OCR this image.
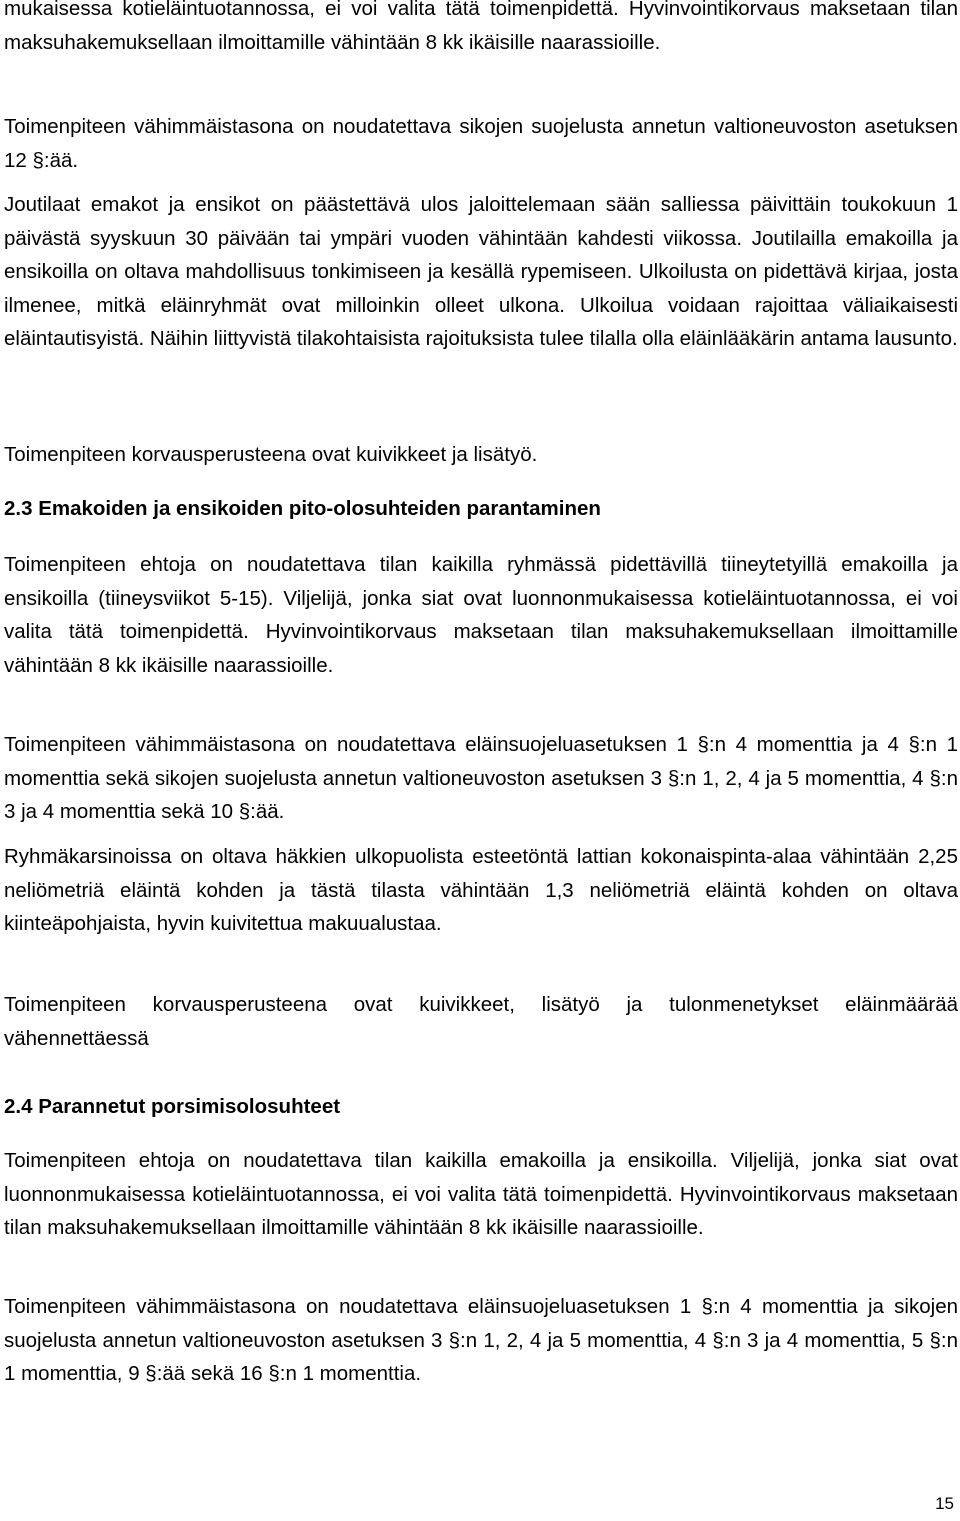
mukaisessa kotieläintuotannossa, ei voi valita tätä toimenpidettä. Hyvinvointikorvaus maksetaan tilan maksuhakemuksellaan ilmoittamille vähintään 8 kk ikäisille naarassioille.

Toimenpiteen vähimmäistasona on noudatettava sikojen suojelusta annetun valtioneuvoston asetuksen 12 §:ää.

Joutilaat emakot ja ensikot on päästettävä ulos jaloittelemaan sään salliessa päivittäin toukokuun 1 päivästä syyskuun 30 päivään tai ympäri vuoden vähintään kahdesti viikossa. Joutilailla emakoilla ja ensikoilla on oltava mahdollisuus tonkimiseen ja kesällä rypemiseen. Ulkoilusta on pidettävä kirjaa, josta ilmenee, mitkä eläinryhmät ovat milloinkin olleet ulkona. Ulkoilua voidaan rajoittaa väliaikaisesti eläintautisyistä. Näihin liittyvistä tilakohtaisista rajoituksista tulee tilalla olla eläinlääkärin antama lausunto.

Toimenpiteen korvausperusteena ovat kuivikkeet ja lisätyö.

2.3 Emakoiden ja ensikoiden pito-olosuhteiden parantaminen

Toimenpiteen ehtoja on noudatettava tilan kaikilla ryhmässä pidettävillä tiineytetyillä emakoilla ja ensikoilla (tiineysviikot 5-15). Viljelijä, jonka siat ovat luonnonmukaisessa kotieläintuotannossa, ei voi valita tätä toimenpidettä. Hyvinvointikorvaus maksetaan tilan maksuhakemuksellaan ilmoittamille vähintään 8 kk ikäisille naarassioille.

Toimenpiteen vähimmäistasona on noudatettava eläinsuojeluasetuksen 1 §:n 4 momenttia ja 4 §:n 1 momenttia sekä sikojen suojelusta annetun valtioneuvoston asetuksen 3 §:n 1, 2, 4 ja 5 momenttia, 4 §:n 3 ja 4 momenttia sekä 10 §:ää.

Ryhmäkarsinoissa on oltava häkkien ulkopuolista esteetöntä lattian kokonaispinta-alaa vähintään 2,25 neliömetriä eläintä kohden ja tästä tilasta vähintään 1,3 neliömetriä eläintä kohden on oltava kiinteäpohjaista, hyvin kuivitettua makuualustaa.

Toimenpiteen korvausperusteena ovat kuivikkeet, lisätyö ja tulonmenetykset eläinmäärää vähennettäessä

2.4 Parannetut porsimisolosuhteet

Toimenpiteen ehtoja on noudatettava tilan kaikilla emakoilla ja ensikoilla. Viljelijä, jonka siat ovat luonnonmukaisessa kotieläintuotannossa, ei voi valita tätä toimenpidettä. Hyvinvointikorvaus maksetaan tilan maksuhakemuksellaan ilmoittamille vähintään 8 kk ikäisille naarassioille.

Toimenpiteen vähimmäistasona on noudatettava eläinsuojeluasetuksen 1 §:n 4 momenttia ja sikojen suojelusta annetun valtioneuvoston asetuksen 3 §:n 1, 2, 4 ja 5 momenttia, 4 §:n 3 ja 4 momenttia, 5 §:n 1 momenttia, 9 §:ää sekä 16 §:n 1 momenttia.

15
